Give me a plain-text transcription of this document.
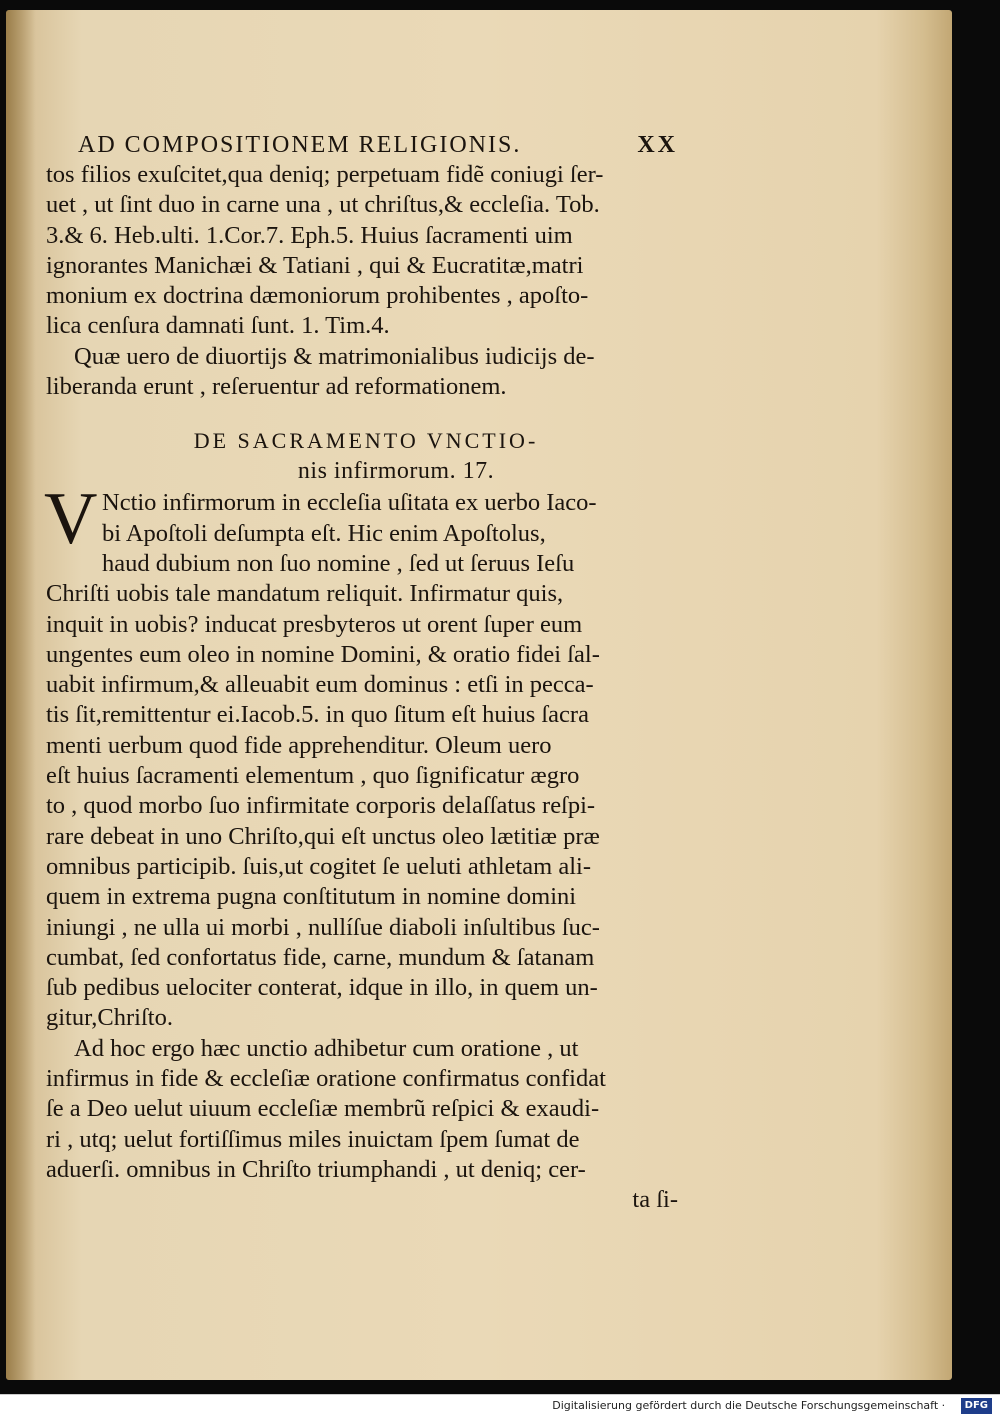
AD COMPOSITIONEM RELIGIONIS.	XX

tos filios exuſcitet,qua deniq; perpetuam fidẽ coniugi ſer-
uet , ut ſint duo in carne una , ut chriſtus,& eccleſia. Tob.
3.& 6. Heb.ulti. 1.Cor.7. Eph.5. Huius ſacramenti uim
ignorantes Manichæi & Tatiani , qui & Eucratitæ,matri
monium ex doctrina dæmoniorum prohibentes , apoſto-
lica cenſura damnati ſunt. 1. Tim.4.

Quæ uero de diuortijs & matrimonialibus iudicijs de-
liberanda erunt , reſeruentur ad reformationem.

DE SACRAMENTO VNCTIO-
nis infirmorum. 17.

V Nctio infirmorum in eccleſia uſitata ex uerbo Iaco-
bi Apoſtoli deſumpta eſt. Hic enim Apoſtolus,
haud dubium non ſuo nomine , ſed ut ſeruus Ieſu
Chriſti uobis tale mandatum reliquit. Infirmatur quis,
inquit in uobis? inducat presbyteros ut orent ſuper eum
ungentes eum oleo in nomine Domini, & oratio fidei ſal-
uabit infirmum,& alleuabit eum dominus : etſi in pecca-
tis ſit,remittentur ei.Iacob.5. in quo ſitum eſt huius ſacra
menti uerbum quod fide apprehenditur. Oleum uero
eſt huius ſacramenti elementum , quo ſignificatur ægro
to , quod morbo ſuo infirmitate corporis delaſſatus reſpi-
rare debeat in uno Chriſto,qui eſt unctus oleo lætitiæ præ
omnibus participib. ſuis,ut cogitet ſe ueluti athletam ali-
quem in extrema pugna conſtitutum in nomine domini
iniungi , ne ulla ui morbi , nullíſue diaboli inſultibus ſuc-
cumbat, ſed confortatus fide, carne, mundum & ſatanam
ſub pedibus uelociter conterat, idque in illo, in quem un-
gitur,Chriſto.

Ad hoc ergo hæc unctio adhibetur cum oratione , ut
infirmus in fide & eccleſiæ oratione confirmatus confidat
ſe a Deo uelut uiuum eccleſiæ membrũ reſpici & exaudi-
ri , utq; uelut fortiſſimus miles inuictam ſpem ſumat de
aduerſi. omnibus in Chriſto triumphandi , ut deniq; cer-
ta ſi-

Digitalisierung gefördert durch die Deutsche Forschungsgemeinschaft · DFG
